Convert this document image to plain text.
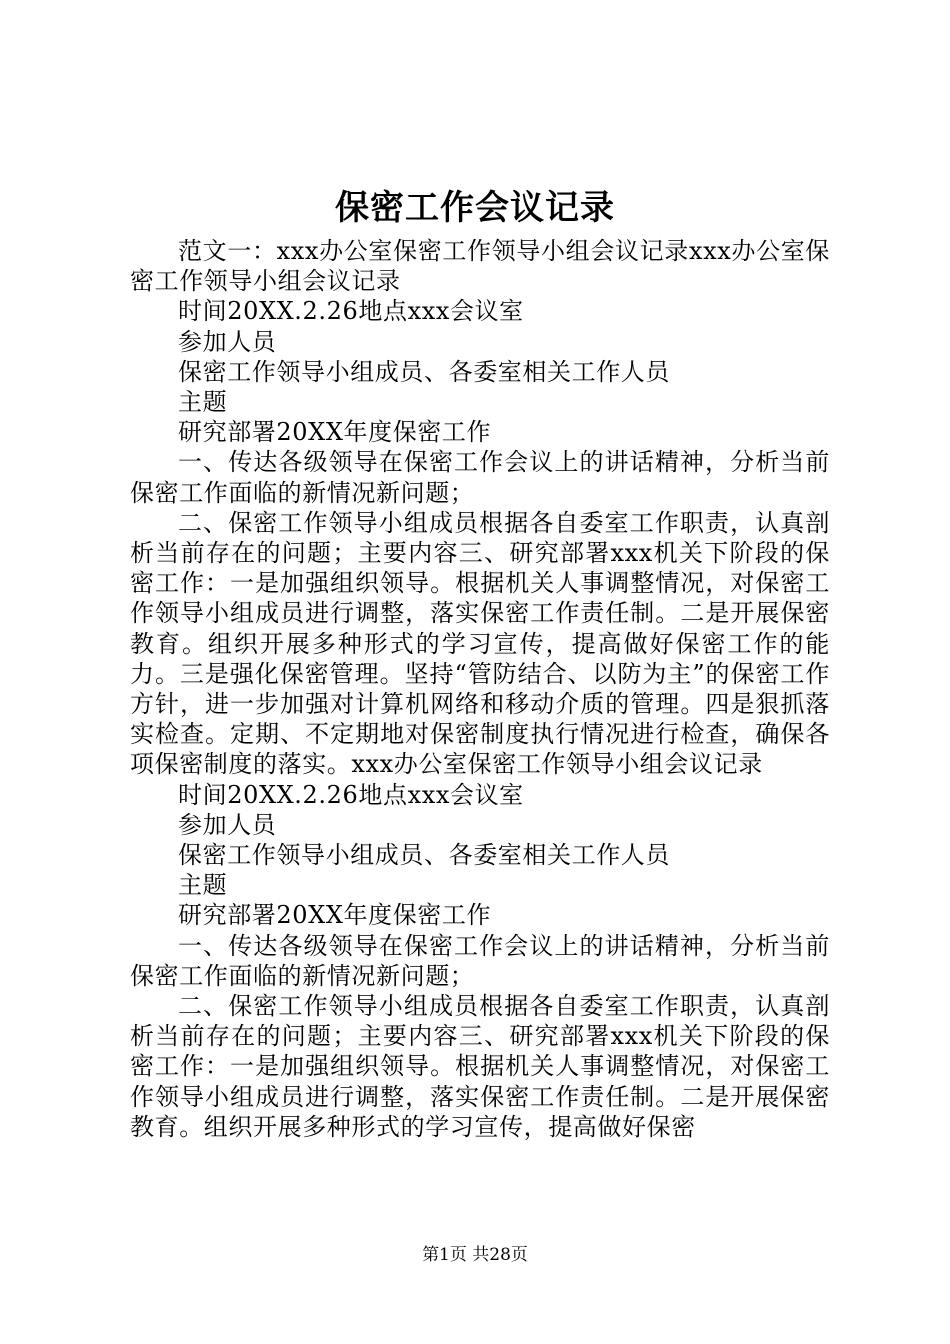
保密工作会议记录

范文一：xxx办公室保密工作领导小组会议记录xxx办公室保密工作领导小组会议记录

时间20XX.2.26地点xxx会议室

参加人员

保密工作领导小组成员、各委室相关工作人员

主题

研究部署20XX年度保密工作

一、传达各级领导在保密工作会议上的讲话精神，分析当前保密工作面临的新情况新问题；

二、保密工作领导小组成员根据各自委室工作职责，认真剖析当前存在的问题；主要内容三、研究部署xxx机关下阶段的保密工作：一是加强组织领导。根据机关人事调整情况，对保密工作领导小组成员进行调整，落实保密工作责任制。二是开展保密教育。组织开展多种形式的学习宣传，提高做好保密工作的能力。三是强化保密管理。坚持“管防结合、以防为主”的保密工作方针，进一步加强对计算机网络和移动介质的管理。四是狠抓落实检查。定期、不定期地对保密制度执行情况进行检查，确保各项保密制度的落实。xxx办公室保密工作领导小组会议记录

时间20XX.2.26地点xxx会议室

参加人员

保密工作领导小组成员、各委室相关工作人员

主题

研究部署20XX年度保密工作

一、传达各级领导在保密工作会议上的讲话精神，分析当前保密工作面临的新情况新问题；

二、保密工作领导小组成员根据各自委室工作职责，认真剖析当前存在的问题；主要内容三、研究部署xxx机关下阶段的保密工作：一是加强组织领导。根据机关人事调整情况，对保密工作领导小组成员进行调整，落实保密工作责任制。二是开展保密教育。组织开展多种形式的学习宣传，提高做好保密

第1页 共28页
